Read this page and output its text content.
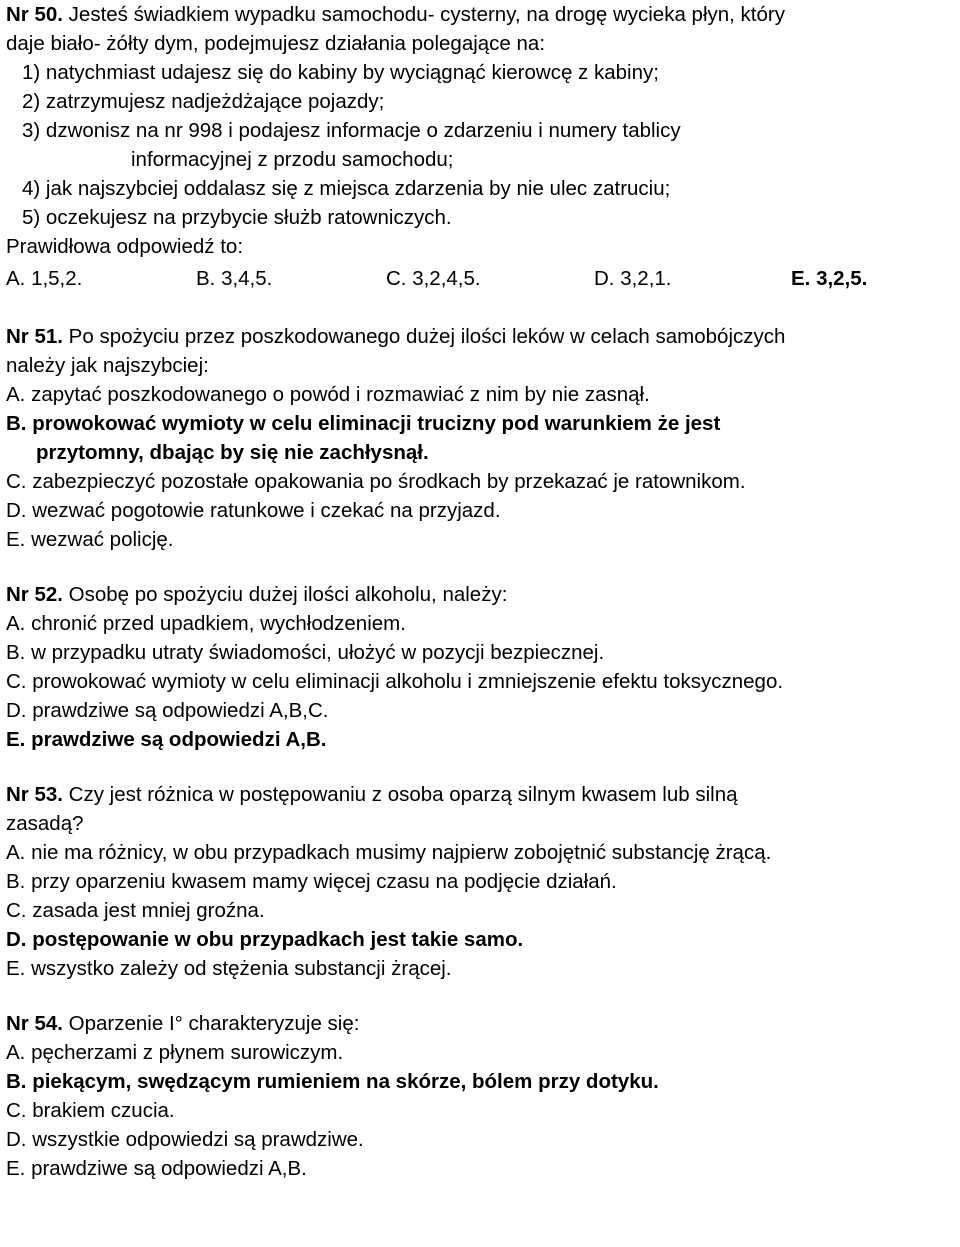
Nr 50. Jesteś świadkiem wypadku samochodu- cysterny, na drogę wycieka płyn, który
daje biało- żółty dym, podejmujesz działania polegające na:
1) natychmiast udajesz się do kabiny by wyciągnąć kierowcę z kabiny;
2) zatrzymujesz nadjeżdżające pojazdy;
3) dzwonisz na nr 998 i podajesz informacje o zdarzeniu i numery tablicy
informacyjnej z przodu samochodu;
4) jak najszybciej oddalasz się z miejsca zdarzenia by nie ulec zatruciu;
5) oczekujesz na przybycie służb ratowniczych.
Prawidłowa odpowiedź to:
A. 1,5,2.	B. 3,4,5.	C. 3,2,4,5.	D. 3,2,1.	E. 3,2,5.
Nr 51. Po spożyciu przez poszkodowanego dużej ilości leków w celach samobójczych
należy jak najszybciej:
A. zapytać poszkodowanego o powód i rozmawiać z nim by nie zasnął.
B. prowokować wymioty w celu eliminacji trucizny pod warunkiem że jest
przytomny, dbając by się nie zachłysnął.
C. zabezpieczyć pozostałe opakowania po środkach by przekazać je ratownikom.
D. wezwać pogotowie ratunkowe i czekać na przyjazd.
E. wezwać policję.
Nr 52. Osobę po spożyciu dużej ilości alkoholu, należy:
A. chronić przed upadkiem, wychłodzeniem.
B. w przypadku utraty świadomości, ułożyć w pozycji bezpiecznej.
C. prowokować wymioty w celu eliminacji alkoholu i zmniejszenie efektu toksycznego.
D. prawdziwe są odpowiedzi A,B,C.
E. prawdziwe są odpowiedzi A,B.
Nr 53. Czy jest różnica w postępowaniu z osoba oparzą silnym kwasem lub silną
zasadą?
A. nie ma różnicy, w obu przypadkach musimy najpierw zobojętnić substancję żrącą.
B. przy oparzeniu kwasem mamy więcej czasu na podjęcie działań.
C. zasada jest mniej groźna.
D. postępowanie w obu przypadkach jest takie samo.
E. wszystko zależy od stężenia substancji żrącej.
Nr 54. Oparzenie I° charakteryzuje się:
A. pęcherzami z płynem surowiczym.
B. piekącym, swędzącym rumieniem na skórze, bólem przy dotyku.
C. brakiem czucia.
D. wszystkie odpowiedzi są prawdziwe.
E. prawdziwe są odpowiedzi A,B.
